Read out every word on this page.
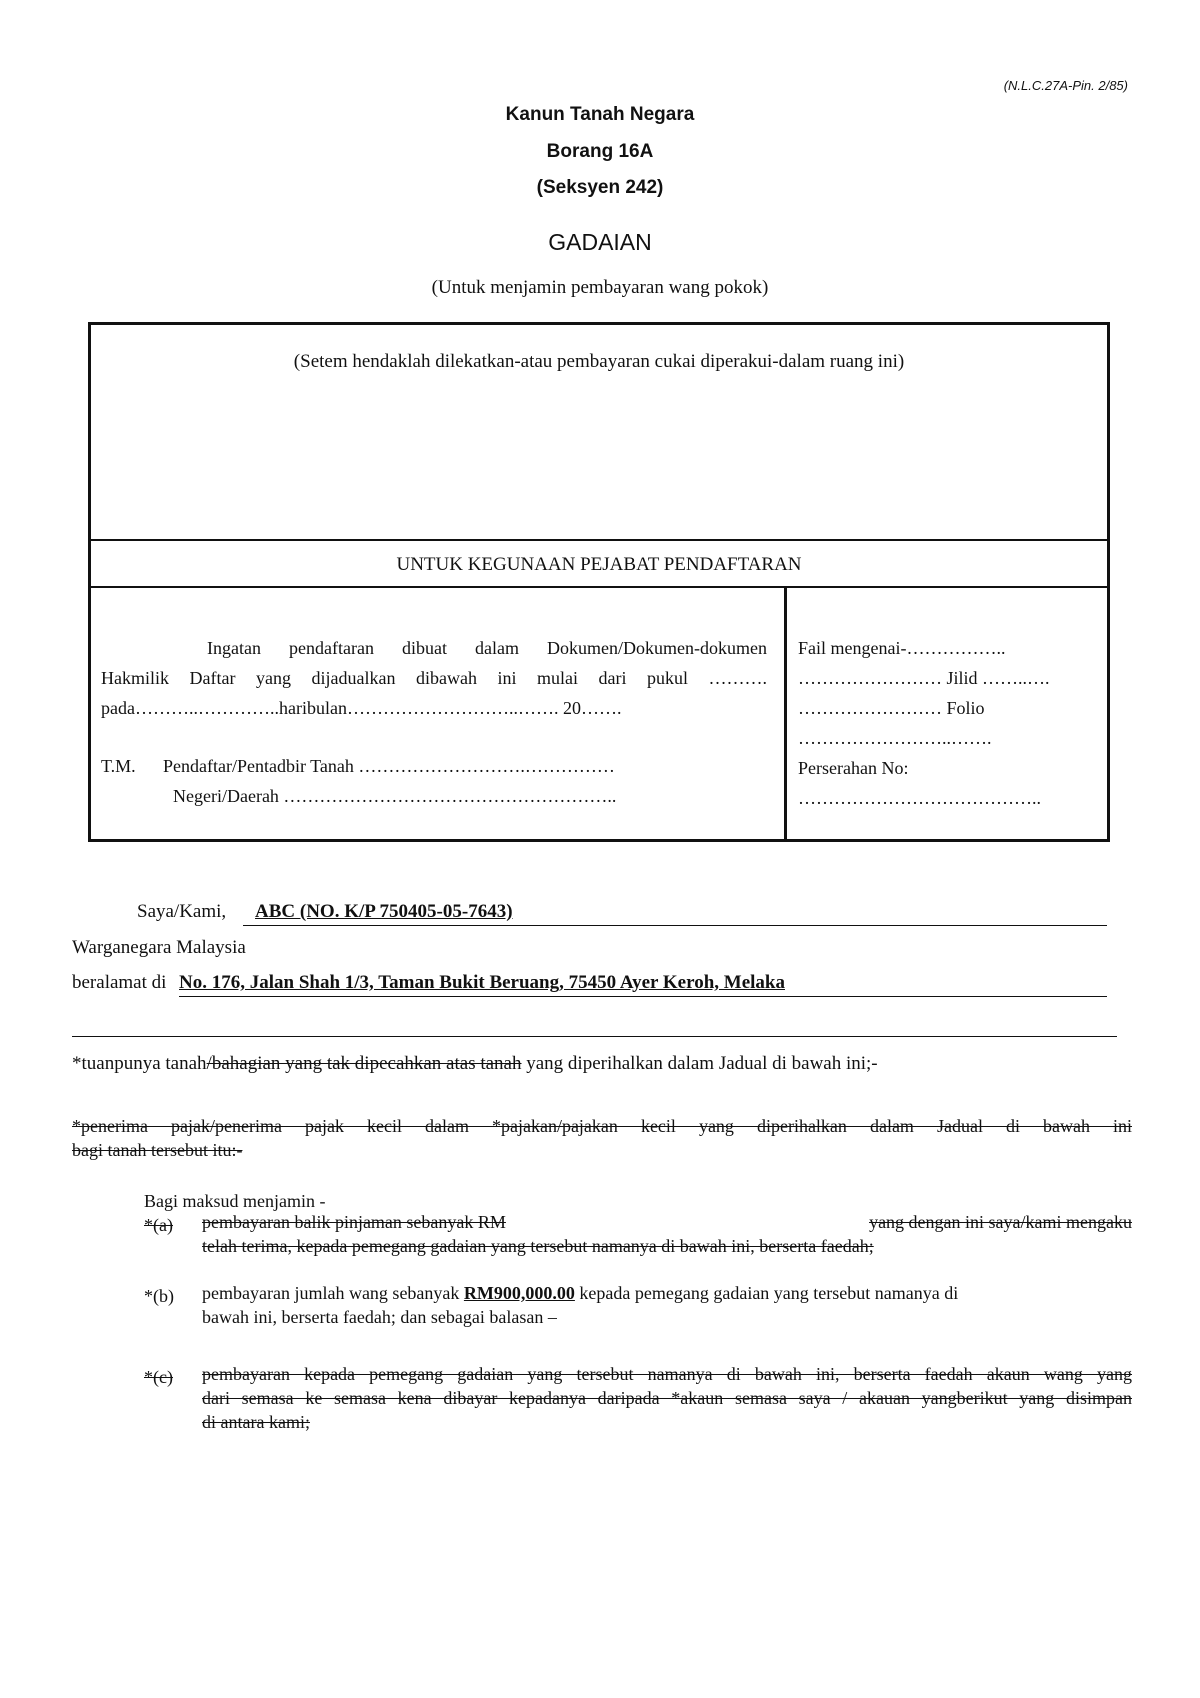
(N.L.C.27A-Pin. 2/85)
Kanun Tanah Negara
Borang 16A
(Seksyen 242)
GADAIAN
(Untuk menjamin pembayaran wang pokok)
(Setem hendaklah dilekatkan-atau pembayaran cukai diperakui-dalam ruang ini)
UNTUK KEGUNAAN PEJABAT PENDAFTARAN
Ingatan pendaftaran dibuat dalam Dokumen/Dokumen-dokumen
Hakmilik Daftar yang dijadualkan dibawah ini mulai dari pukul ……….
pada………..…………..haribulan………………………..……. 20…….
T.M. Pendaftar/Pentadbir Tanah ……………………….……………
Negeri/Daerah ………………………………………………..
Fail mengenai-……………..
…………………… Jilid ……..….
…………………… Folio
……………………..…….
Perserahan No:
…………………………………..
Saya/Kami, ABC (NO. K/P 750405-05-7643)
Warganegara Malaysia
beralamat di No. 176, Jalan Shah 1/3, Taman Bukit Beruang, 75450 Ayer Keroh, Melaka
*tuanpunya tanah/bahagian yang tak dipecahkan atas tanah yang diperihalkan dalam Jadual di bawah ini;-
*penerima pajak/penerima pajak kecil dalam *pajakan/pajakan kecil yang diperihalkan dalam Jadual di bawah ini
bagi tanah tersebut itu:-
Bagi maksud menjamin -
*(a) pembayaran balik pinjaman sebanyak RM	yang dengan ini saya/kami mengaku
telah terima, kepada pemegang gadaian yang tersebut namanya di bawah ini, berserta faedah;
*(b) pembayaran jumlah wang sebanyak RM900,000.00 kepada pemegang gadaian yang tersebut namanya di
bawah ini, berserta faedah; dan sebagai balasan –
*(c) pembayaran kepada pemegang gadaian yang tersebut namanya di bawah ini, berserta faedah akaun wang yang
dari semasa ke semasa kena dibayar kepadanya daripada *akaun semasa saya / akauan yangberikut yang disimpan
di antara kami;
